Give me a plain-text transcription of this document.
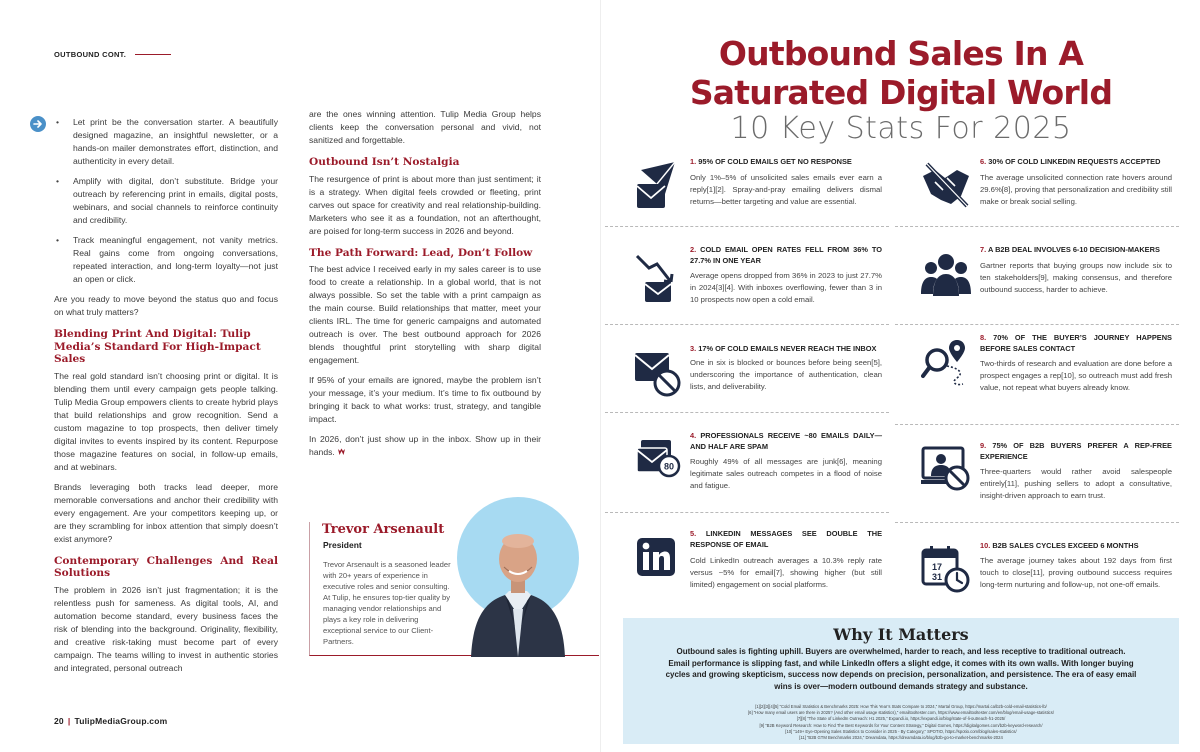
OUTBOUND CONT.
• Let print be the conversation starter. A beautifully designed magazine, an insightful newsletter, or a hands-on mailer demonstrates effort, distinction, and authenticity in every detail.
• Amplify with digital, don’t substitute. Bridge your outreach by referencing print in emails, digital posts, webinars, and social channels to reinforce continuity and credibility.
• Track meaningful engagement, not vanity metrics. Real gains come from ongoing conversations, repeated interaction, and long-term loyalty—not just an open or click.

Are you ready to move beyond the status quo and focus on what truly matters?

Blending Print And Digital: Tulip Media’s Standard For High-Impact Sales

The real gold standard isn’t choosing print or digital. It is blending them until every campaign gets people talking. Tulip Media Group empowers clients to create hybrid plays that build relationships and grow recognition. Send a custom magazine to top prospects, then deliver timely digital invites to events inspired by its content. Repurpose those magazine features on social, in follow-up emails, and at webinars.

Brands leveraging both tracks lead deeper, more memorable conversations and anchor their credibility with every engagement. Are your competitors keeping up, or are they scrambling for inbox attention that simply doesn’t exist anymore?

Contemporary Challenges And Real Solutions

The problem in 2026 isn’t just fragmentation; it is the relentless push for sameness. As digital tools, AI, and automation become standard, every business faces the risk of blending into the background. Originality, flexibility, and creative risk-taking must become part of every campaign. The teams willing to invest in authentic stories and integrated, personal outreach

are the ones winning attention. Tulip Media Group helps clients keep the conversation personal and vivid, not sanitized and forgettable.

Outbound Isn’t Nostalgia

The resurgence of print is about more than just sentiment; it is a strategy. When digital feels crowded or fleeting, print carves out space for creativity and real relationship-building. Marketers who see it as a foundation, not an afterthought, are poised for long-term success in 2026 and beyond.

The Path Forward: Lead, Don’t Follow

The best advice I received early in my sales career is to use food to create a relationship. In a global world, that is not always possible. So set the table with a print campaign as the main course. Build relationships that matter, meet your clients IRL. The time for generic campaigns and automated outreach is over. The best outbound approach for 2026 blends thoughtful print storytelling with sharp digital engagement.

If 95% of your emails are ignored, maybe the problem isn’t your message, it’s your medium. It’s time to fix outbound by bringing it back to what works: trust, strategy, and tangible impact.

In 2026, don’t just show up in the inbox. Show up in their hands.

Trevor Arsenault
President
Trevor Arsenault is a seasoned leader with 20+ years of experience in executive roles and senior consulting. At Tulip, he ensures top-tier quality by managing vendor relationships and plays a key role in delivering exceptional service to our Client-Partners.
20 | TulipMediaGroup.com
Outbound Sales In A
Saturated Digital World
10 Key Stats For 2025
1. 95% OF COLD EMAILS GET NO RESPONSE
Only 1%–5% of unsolicited sales emails ever earn a reply[1][2]. Spray-and-pray emailing delivers dismal returns—better targeting and value are essential.
2. COLD EMAIL OPEN RATES FELL FROM 36% TO 27.7% IN ONE YEAR
Average opens dropped from 36% in 2023 to just 27.7% in 2024[3][4]. With inboxes overflowing, fewer than 3 in 10 prospects now open a cold email.
3. 17% OF COLD EMAILS NEVER REACH THE INBOX
One in six is blocked or bounces before being seen[5], underscoring the importance of authentication, clean lists, and deliverability.
80
4. PROFESSIONALS RECEIVE ~80 EMAILS DAILY—AND HALF ARE SPAM
Roughly 49% of all messages are junk[6], meaning legitimate sales outreach competes in a flood of noise and fatigue.
5. LINKEDIN MESSAGES SEE DOUBLE THE RESPONSE OF EMAIL
Cold LinkedIn outreach averages a 10.3% reply rate versus ~5% for email[7], showing higher (but still limited) engagement on social platforms.
6. 30% OF COLD LINKEDIN REQUESTS ACCEPTED
The average unsolicited connection rate hovers around 29.6%[8], proving that personalization and credibility still make or break social selling.
7. A B2B DEAL INVOLVES 6-10 DECISION-MAKERS
Gartner reports that buying groups now include six to ten stakeholders[9], making consensus, and therefore outbound success, harder to achieve.
8. 70% OF THE BUYER’S JOURNEY HAPPENS BEFORE SALES CONTACT
Two-thirds of research and evaluation are done before a prospect engages a rep[10], so outreach must add fresh value, not repeat what buyers already know.
9. 75% OF B2B BUYERS PREFER A REP-FREE EXPERIENCE
Three-quarters would rather avoid salespeople entirely[11], pushing sellers to adopt a consultative, insight-driven approach to earn trust.
17
31
10. B2B SALES CYCLES EXCEED 6 MONTHS
The average journey takes about 192 days from first touch to close[11], proving outbound success requires long-term nurturing and follow-up, not one-off emails.
Why It Matters
Outbound sales is fighting uphill. Buyers are overwhelmed, harder to reach, and less receptive to traditional outreach. Email performance is slipping fast, and while LinkedIn offers a slight edge, it comes with its own walls. With longer buying cycles and growing skepticism, success now depends on precision, personalization, and persistence. The era of easy email wins is over—modern outbound demands strategy and substance.
[1][2][3][4][5] “Cold Email Statistics & Benchmarks 2025: How This Year’s Stats Compare to 2024,” Martal Group, https://martal.ca/b2b-cold-email-statistics-lb/
[6] “How many email users are there in 2025? (And other email usage statistics),” emailtooltester.com, https://www.emailtooltester.com/en/blog/email-usage-statistics/
[7][8] “The State of LinkedIn Outreach: H1 2025,” Expandi.io, https://expandi.io/blog/state-of-li-outreach-h1-2025/
[9] “B2B Keyword Research: How to Find The Best Keywords for Your Content Strategy,” Digital Gomes, https://digitalgomes.com/b2b-keyword-research/
[10] “149+ Eye-Opening Sales Statistics to Consider in 2025 - By Category,” SPOTIO, https://spotio.com/blog/sales-statistics/
[11] “B2B GTM Benchmarks 2024,” Dreamdata, https://dreamdata.io/blog/b2b-go-to-market-benchmarks-2024
